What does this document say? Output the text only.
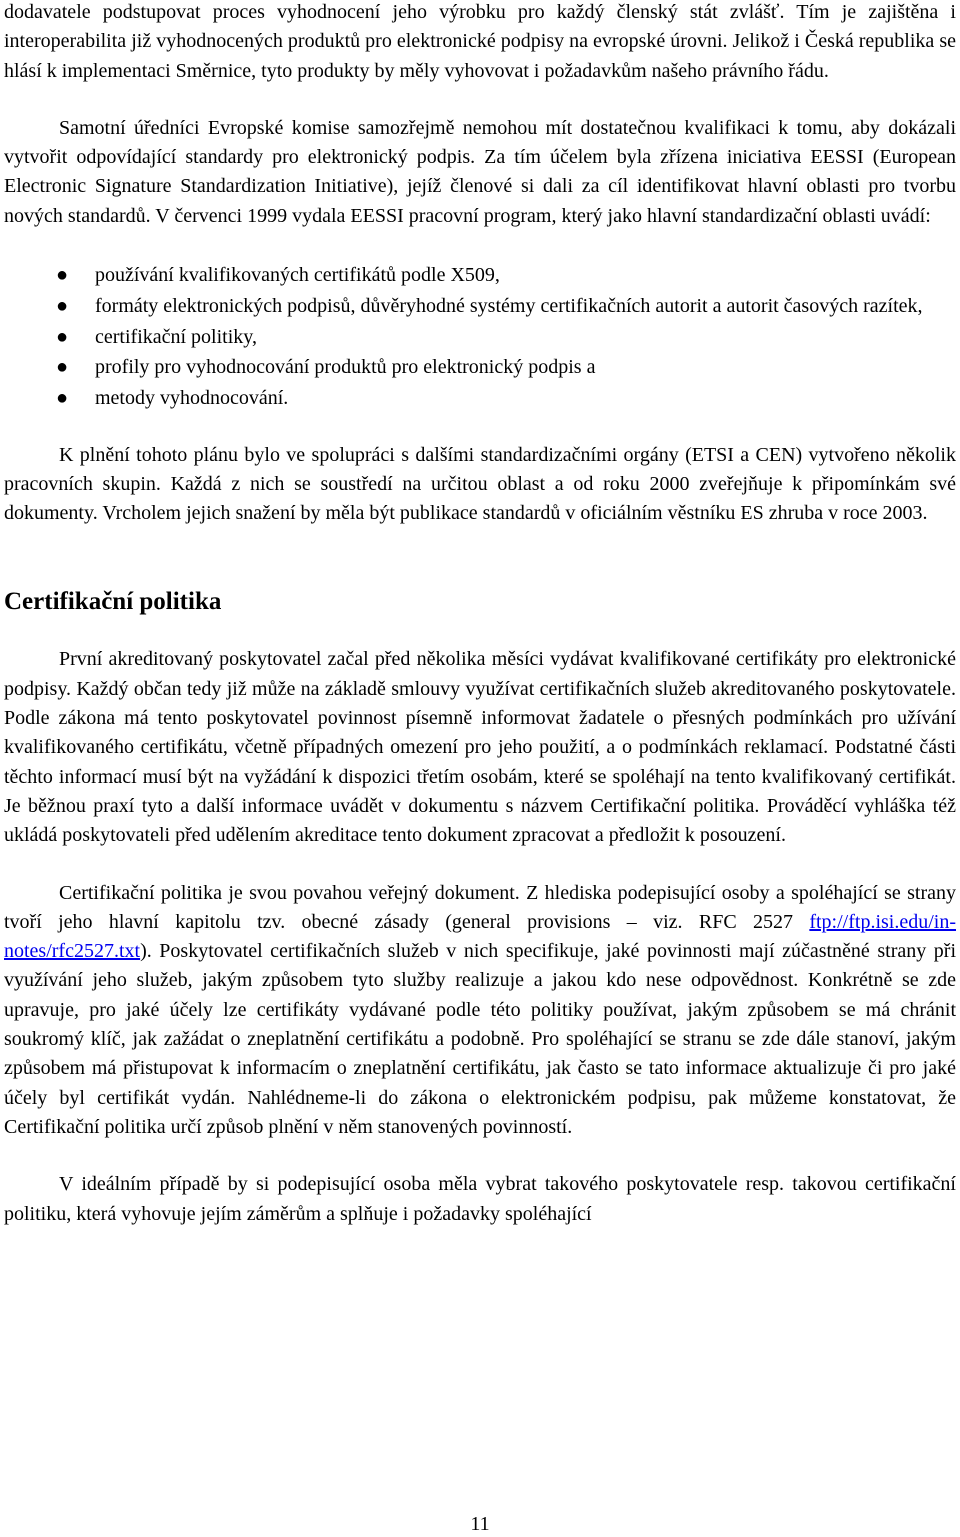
dodavatele podstupovat proces vyhodnocení jeho výrobku pro každý členský stát zvlášť. Tím je zajištěna i interoperabilita již vyhodnocených produktů pro elektronické podpisy na evropské úrovni. Jelikož i Česká republika se hlásí k implementaci Směrnice, tyto produkty by měly vyhovovat i požadavkům našeho právního řádu.

Samotní úředníci Evropské komise samozřejmě nemohou mít dostatečnou kvalifikaci k tomu, aby dokázali vytvořit odpovídající standardy pro elektronický podpis. Za tím účelem byla zřízena iniciativa EESSI (European Electronic Signature Standardization Initiative), jejíž členové si dali za cíl identifikovat hlavní oblasti pro tvorbu nových standardů. V červenci 1999 vydala EESSI pracovní program, který jako hlavní standardizační oblasti uvádí:

● používání kvalifikovaných certifikátů podle X509,
● formáty elektronických podpisů, důvěryhodné systémy certifikačních autorit a autorit časových razítek,
● certifikační politiky,
● profily pro vyhodnocování produktů pro elektronický podpis a
● metody vyhodnocování.

K plnění tohoto plánu bylo ve spolupráci s dalšími standardizačními orgány (ETSI a CEN) vytvořeno několik pracovních skupin. Každá z nich se soustředí na určitou oblast a od roku 2000 zveřejňuje k připomínkám své dokumenty. Vrcholem jejich snažení by měla být publikace standardů v oficiálním věstníku ES zhruba v roce 2003.

Certifikační politika

První akreditovaný poskytovatel začal před několika měsíci vydávat kvalifikované certifikáty pro elektronické podpisy. Každý občan tedy již může na základě smlouvy využívat certifikačních služeb akreditovaného poskytovatele. Podle zákona má tento poskytovatel povinnost písemně informovat žadatele o přesných podmínkách pro užívání kvalifikovaného certifikátu, včetně případných omezení pro jeho použití, a o podmínkách reklamací. Podstatné části těchto informací musí být na vyžádání k dispozici třetím osobám, které se spoléhají na tento kvalifikovaný certifikát. Je běžnou praxí tyto a další informace uvádět v dokumentu s názvem Certifikační politika. Prováděcí vyhláška též ukládá poskytovateli před udělením akreditace tento dokument zpracovat a předložit k posouzení.

Certifikační politika je svou povahou veřejný dokument. Z hlediska podepisující osoby a spoléhající se strany tvoří jeho hlavní kapitolu tzv. obecné zásady (general provisions – viz. RFC 2527 ftp://ftp.isi.edu/in-notes/rfc2527.txt). Poskytovatel certifikačních služeb v nich specifikuje, jaké povinnosti mají zúčastněné strany při využívání jeho služeb, jakým způsobem tyto služby realizuje a jakou kdo nese odpovědnost. Konkrétně se zde upravuje, pro jaké účely lze certifikáty vydávané podle této politiky používat, jakým způsobem se má chránit soukromý klíč, jak zažádat o zneplatnění certifikátu a podobně. Pro spoléhající se stranu se zde dále stanoví, jakým způsobem má přistupovat k informacím o zneplatnění certifikátu, jak často se tato informace aktualizuje či pro jaké účely byl certifikát vydán. Nahlédneme-li do zákona o elektronickém podpisu, pak můžeme konstatovat, že Certifikační politika určí způsob plnění v něm stanovených povinností.

V ideálním případě by si podepisující osoba měla vybrat takového poskytovatele resp. takovou certifikační politiku, která vyhovuje jejím záměrům a splňuje i požadavky spoléhající

11
